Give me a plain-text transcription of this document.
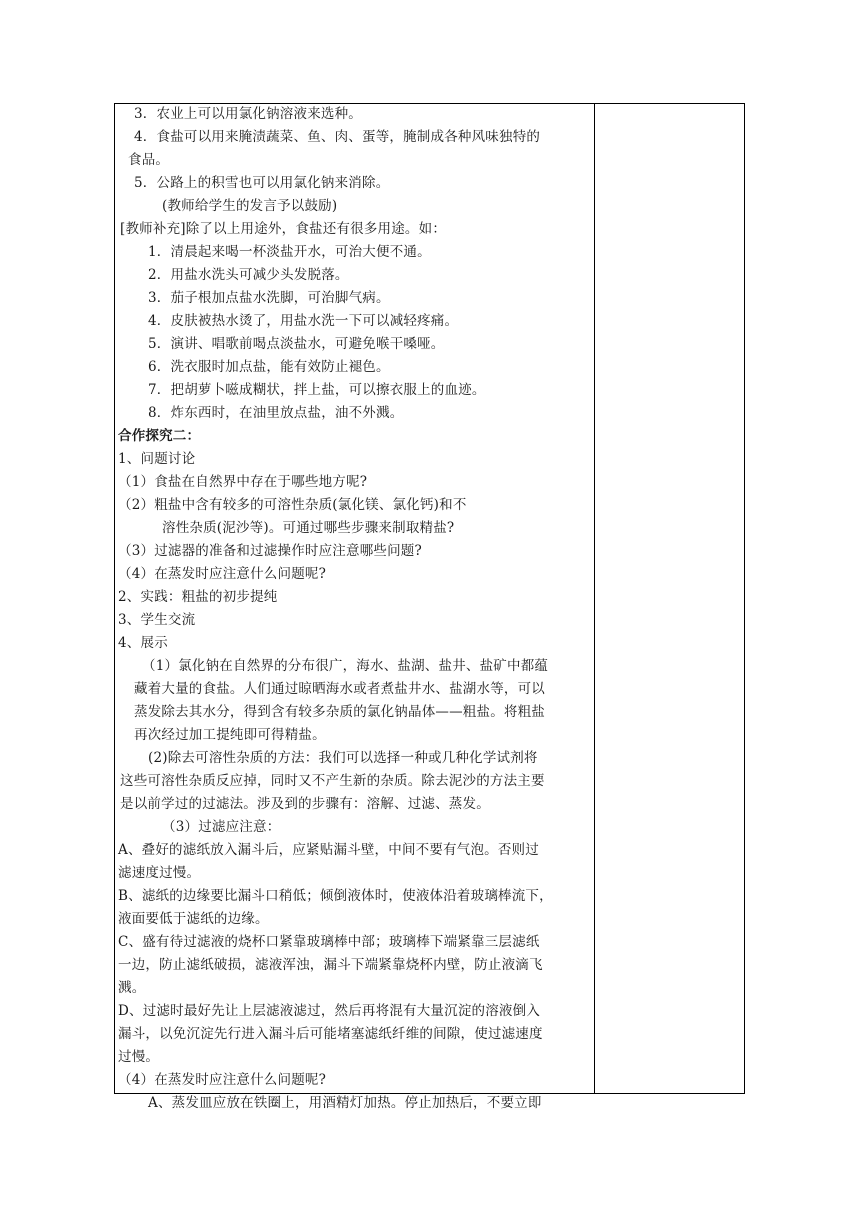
3．农业上可以用氯化钠溶液来选种。
4．食盐可以用来腌渍蔬菜、鱼、肉、蛋等，腌制成各种风味独特的
食品。
5．公路上的积雪也可以用氯化钠来消除。
(教师给学生的发言予以鼓励)
[教师补充]除了以上用途外，食盐还有很多用途。如：
1．清晨起来喝一杯淡盐开水，可治大便不通。
2．用盐水洗头可减少头发脱落。
3．茄子根加点盐水洗脚，可治脚气病。
4．皮肤被热水烫了，用盐水洗一下可以减轻疼痛。
5．演讲、唱歌前喝点淡盐水，可避免喉干嗓哑。
6．洗衣服时加点盐，能有效防止褪色。
7．把胡萝卜嗞成糊状，拌上盐，可以擦衣服上的血迹。
8．炸东西时，在油里放点盐，油不外溅。
合作探究二：
1、问题讨论
（1）食盐在自然界中存在于哪些地方呢?
（2）粗盐中含有较多的可溶性杂质(氯化镁、氯化钙)和不
溶性杂质(泥沙等)。可通过哪些步骤来制取精盐?
（3）过滤器的准备和过滤操作时应注意哪些问题?
（4）在蒸发时应注意什么问题呢?
2、实践：粗盐的初步提纯
3、学生交流
4、展示
（1）氯化钠在自然界的分布很广，海水、盐湖、盐井、盐矿中都蕴
藏着大量的食盐。人们通过晾晒海水或者煮盐井水、盐湖水等，可以
蒸发除去其水分，得到含有较多杂质的氯化钠晶体——粗盐。将粗盐
再次经过加工提纯即可得精盐。
(2)除去可溶性杂质的方法：我们可以选择一种或几种化学试剂将
这些可溶性杂质反应掉，同时又不产生新的杂质。除去泥沙的方法主要
是以前学过的过滤法。涉及到的步骤有：溶解、过滤、蒸发。
（3）过滤应注意：
A、叠好的滤纸放入漏斗后，应紧贴漏斗壁，中间不要有气泡。否则过
滤速度过慢。
B、滤纸的边缘要比漏斗口稍低；倾倒液体时，使液体沿着玻璃棒流下，
液面要低于滤纸的边缘。
C、盛有待过滤液的烧杯口紧靠玻璃棒中部；玻璃棒下端紧靠三层滤纸
一边，防止滤纸破损，滤液浑浊，漏斗下端紧靠烧杯内壁，防止液滴飞
溅。
D、过滤时最好先让上层滤液滤过，然后再将混有大量沉淀的溶液倒入
漏斗，以免沉淀先行进入漏斗后可能堵塞滤纸纤维的间隙，使过滤速度
过慢。
（4）在蒸发时应注意什么问题呢?
A、蒸发皿应放在铁圈上，用酒精灯加热。停止加热后，不要立即
